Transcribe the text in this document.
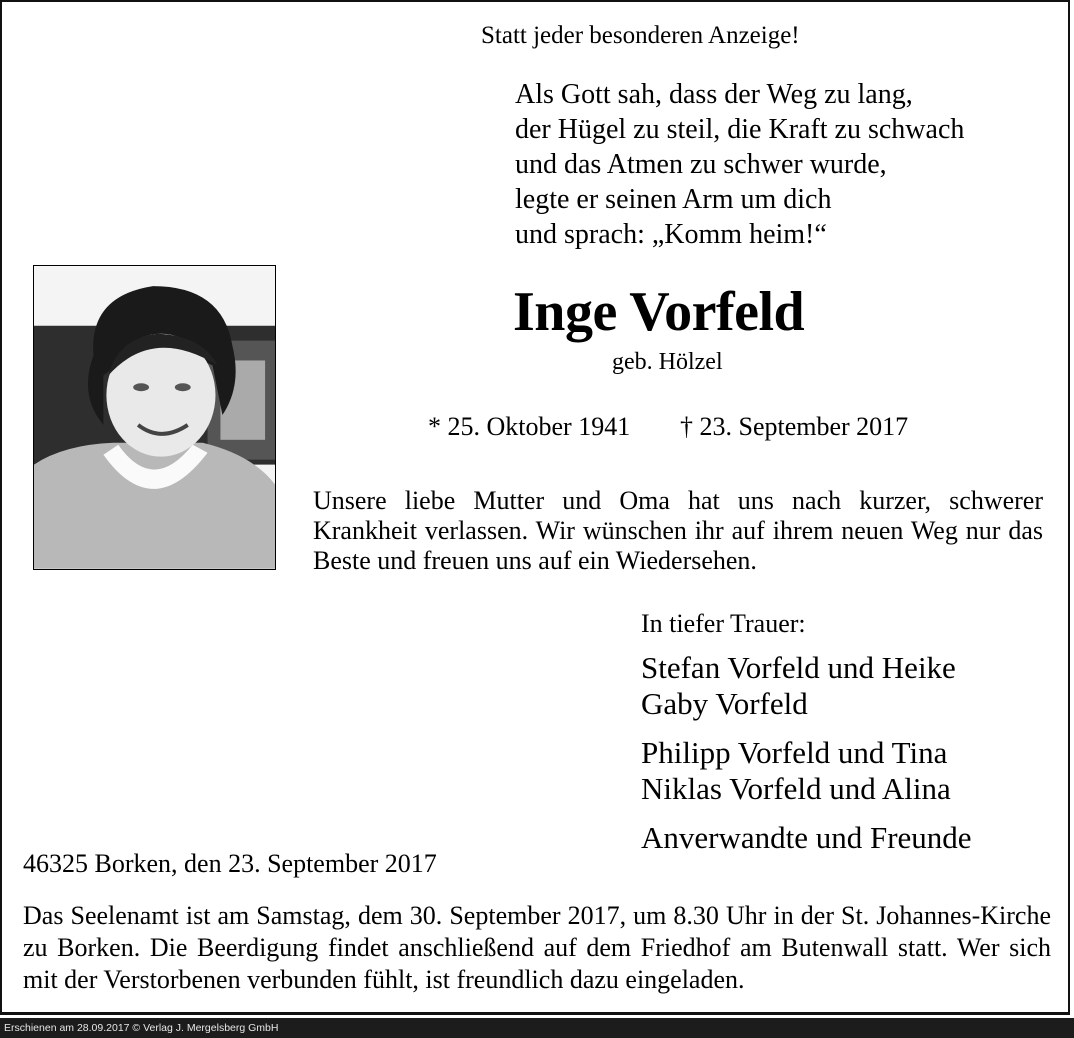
Statt jeder besonderen Anzeige!
Als Gott sah, dass der Weg zu lang,
der Hügel zu steil, die Kraft zu schwach
und das Atmen zu schwer wurde,
legte er seinen Arm um dich
und sprach: „Komm heim!“
Inge Vorfeld
geb. Hölzel
* 25. Oktober 1941 † 23. September 2017
Unsere liebe Mutter und Oma hat uns nach kurzer, schwerer Krankheit verlassen. Wir wünschen ihr auf ihrem neuen Weg nur das Beste und freuen uns auf ein Wiedersehen.
In tiefer Trauer:
Stefan Vorfeld und Heike
Gaby Vorfeld
Philipp Vorfeld und Tina
Niklas Vorfeld und Alina
Anverwandte und Freunde
46325 Borken, den 23. September 2017
Das Seelenamt ist am Samstag, dem 30. September 2017, um 8.30 Uhr in der St. Johannes-Kirche zu Borken. Die Beerdigung findet anschließend auf dem Friedhof am Butenwall statt. Wer sich mit der Verstorbenen verbunden fühlt, ist freundlich dazu eingeladen.
Erschienen am 28.09.2017 © Verlag J. Mergelsberg GmbH
